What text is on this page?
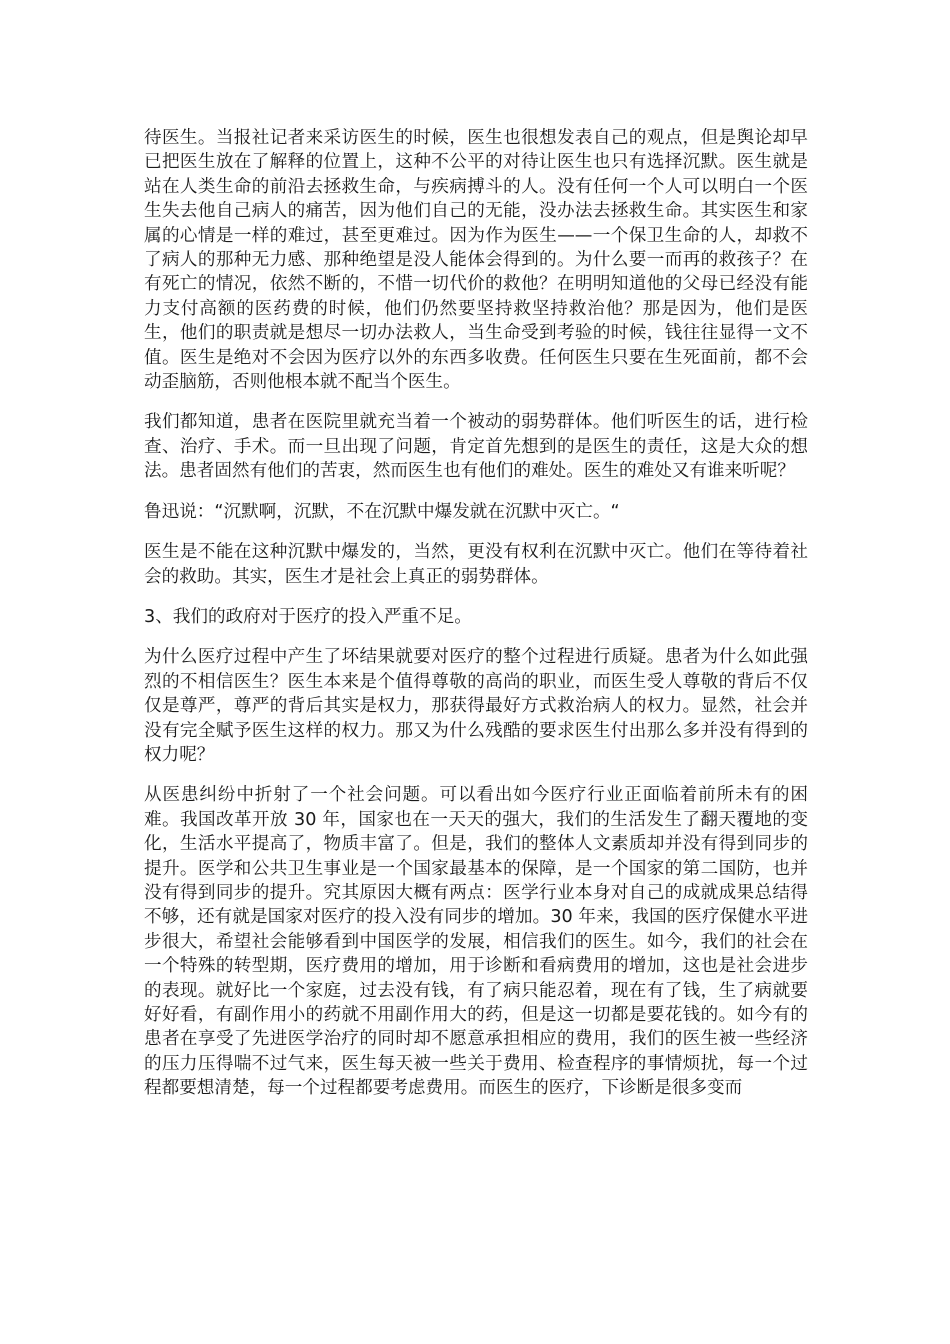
待医生。当报社记者来采访医生的时候，医生也很想发表自己的观点，但是舆论却早已把医生放在了解释的位置上，这种不公平的对待让医生也只有选择沉默。医生就是站在人类生命的前沿去拯救生命，与疾病搏斗的人。没有任何一个人可以明白一个医生失去他自己病人的痛苦，因为他们自己的无能，没办法去拯救生命。其实医生和家属的心情是一样的难过，甚至更难过。因为作为医生——一个保卫生命的人，却救不了病人的那种无力感、那种绝望是没人能体会得到的。为什么要一而再的救孩子？在有死亡的情况，依然不断的，不惜一切代价的救他？在明明知道他的父母已经没有能力支付高额的医药费的时候，他们仍然要坚持救坚持救治他？那是因为，他们是医生，他们的职责就是想尽一切办法救人，当生命受到考验的时候，钱往往显得一文不值。医生是绝对不会因为医疗以外的东西多收费。任何医生只要在生死面前，都不会动歪脑筋，否则他根本就不配当个医生。

我们都知道，患者在医院里就充当着一个被动的弱势群体。他们听医生的话，进行检查、治疗、手术。而一旦出现了问题，肯定首先想到的是医生的责任，这是大众的想法。患者固然有他们的苦衷，然而医生也有他们的难处。医生的难处又有谁来听呢？

鲁迅说：“沉默啊，沉默，不在沉默中爆发就在沉默中灭亡。“

医生是不能在这种沉默中爆发的，当然，更没有权利在沉默中灭亡。他们在等待着社会的救助。其实，医生才是社会上真正的弱势群体。

3、我们的政府对于医疗的投入严重不足。

为什么医疗过程中产生了坏结果就要对医疗的整个过程进行质疑。患者为什么如此强烈的不相信医生？医生本来是个值得尊敬的高尚的职业，而医生受人尊敬的背后不仅仅是尊严，尊严的背后其实是权力，那获得最好方式救治病人的权力。显然，社会并没有完全赋予医生这样的权力。那又为什么残酷的要求医生付出那么多并没有得到的权力呢？

从医患纠纷中折射了一个社会问题。可以看出如今医疗行业正面临着前所未有的困难。我国改革开放 30 年，国家也在一天天的强大，我们的生活发生了翻天覆地的变化，生活水平提高了，物质丰富了。但是，我们的整体人文素质却并没有得到同步的提升。医学和公共卫生事业是一个国家最基本的保障，是一个国家的第二国防，也并没有得到同步的提升。究其原因大概有两点：医学行业本身对自己的成就成果总结得不够，还有就是国家对医疗的投入没有同步的增加。30 年来，我国的医疗保健水平进步很大，希望社会能够看到中国医学的发展，相信我们的医生。如今，我们的社会在一个特殊的转型期，医疗费用的增加，用于诊断和看病费用的增加，这也是社会进步的表现。就好比一个家庭，过去没有钱，有了病只能忍着，现在有了钱，生了病就要好好看，有副作用小的药就不用副作用大的药，但是这一切都是要花钱的。如今有的患者在享受了先进医学治疗的同时却不愿意承担相应的费用，我们的医生被一些经济的压力压得喘不过气来，医生每天被一些关于费用、检查程序的事情烦扰，每一个过程都要想清楚，每一个过程都要考虑费用。而医生的医疗，下诊断是很多变而
